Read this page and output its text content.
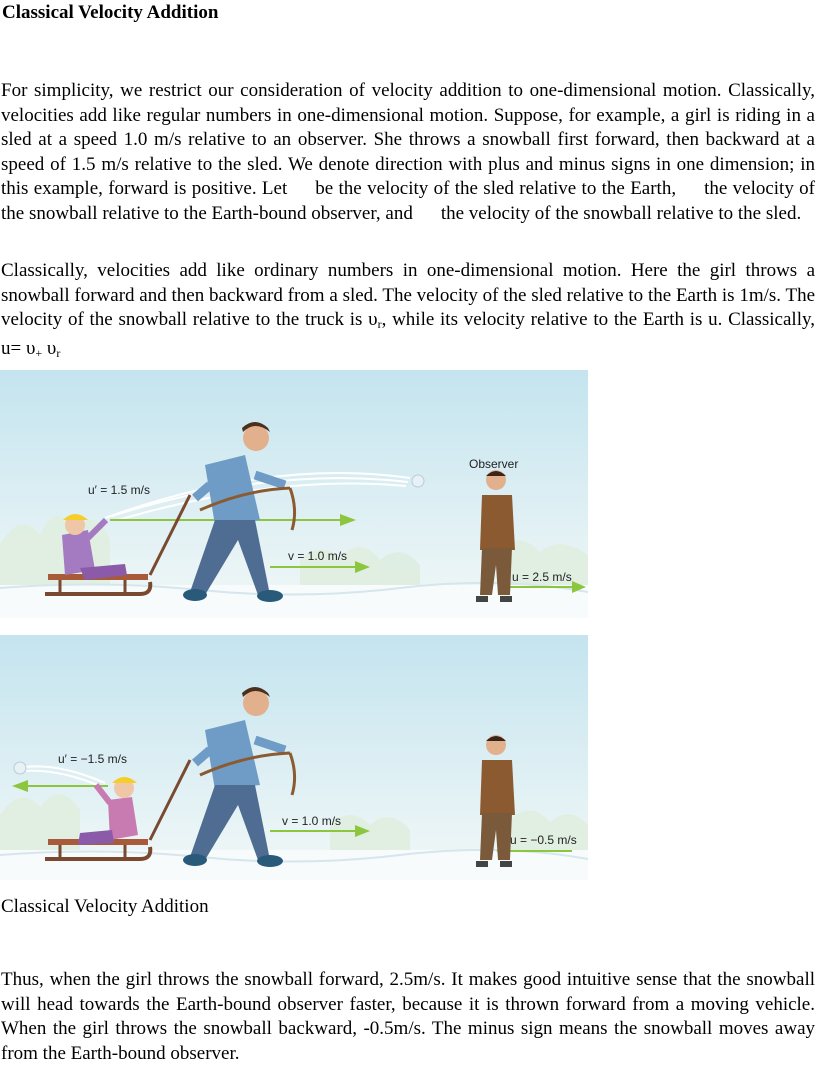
Classical Velocity Addition

For simplicity, we restrict our consideration of velocity addition to one-dimensional motion. Classically, velocities add like regular numbers in one-dimensional motion. Suppose, for example, a girl is riding in a sled at a speed 1.0 m/s relative to an observer. She throws a snowball first forward, then backward at a speed of 1.5 m/s relative to the sled. We denote direction with plus and minus signs in one dimension; in this example, forward is positive. Let be the velocity of the sled relative to the Earth, the velocity of the snowball relative to the Earth-bound observer, and the velocity of the snowball relative to the sled.

Classically, velocities add like ordinary numbers in one-dimensional motion. Here the girl throws a snowball forward and then backward from a sled. The velocity of the sled relative to the Earth is 1m/s. The velocity of the snowball relative to the truck is $\upsilon_r$, while its velocity relative to the Earth is u. Classically, $u= \upsilon_+$ $\upsilon_r$

u′ = 1.5 m/s
v = 1.0 m/s
u = 2.5 m/s
Observer
u′ = −1.5 m/s
v = 1.0 m/s
u = −0.5 m/s
Classical Velocity Addition

Thus, when the girl throws the snowball forward, 2.5m/s. It makes good intuitive sense that the snowball will head towards the Earth-bound observer faster, because it is thrown forward from a moving vehicle. When the girl throws the snowball backward, -0.5m/s. The minus sign means the snowball moves away from the Earth-bound observer.
